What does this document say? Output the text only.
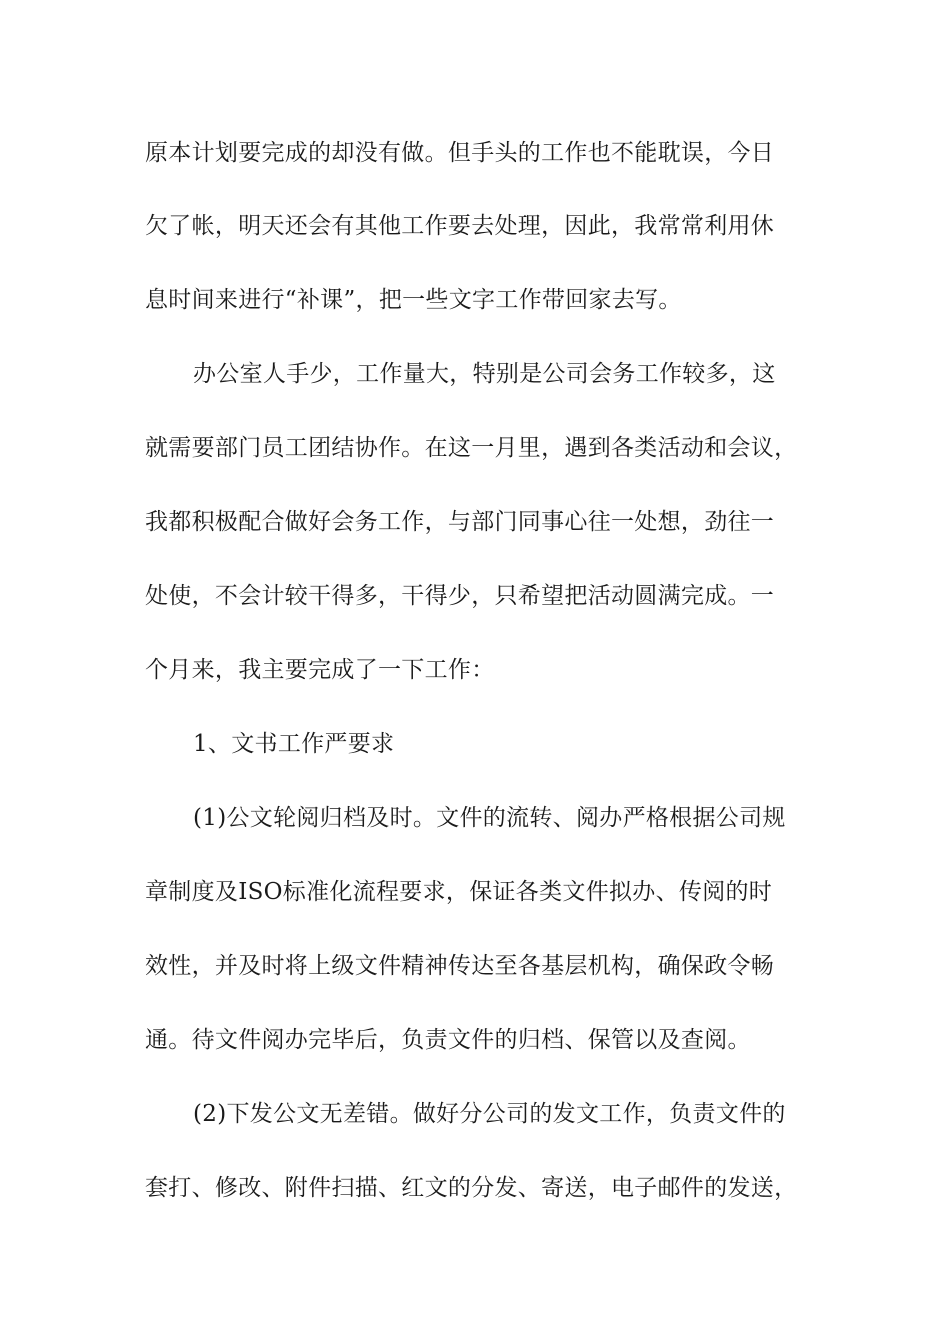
原本计划要完成的却没有做。但手头的工作也不能耽误，今日
欠了帐，明天还会有其他工作要去处理，因此，我常常利用休
息时间来进行“补课”，把一些文字工作带回家去写。
办公室人手少，工作量大，特别是公司会务工作较多，这
就需要部门员工团结协作。在这一月里，遇到各类活动和会议，
我都积极配合做好会务工作，与部门同事心往一处想，劲往一
处使，不会计较干得多，干得少，只希望把活动圆满完成。一
个月来，我主要完成了一下工作：
1、文书工作严要求
(1)公文轮阅归档及时。文件的流转、阅办严格根据公司规
章制度及ISO标准化流程要求，保证各类文件拟办、传阅的时
效性，并及时将上级文件精神传达至各基层机构，确保政令畅
通。待文件阅办完毕后，负责文件的归档、保管以及查阅。
(2)下发公文无差错。做好分公司的发文工作，负责文件的
套打、修改、附件扫描、红文的分发、寄送，电子邮件的发送，
